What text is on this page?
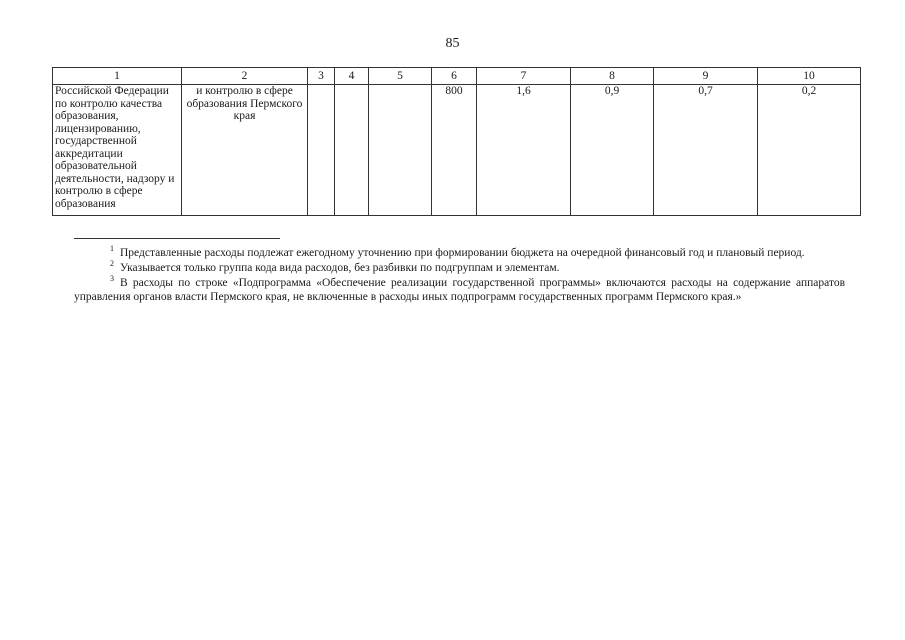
85
1	2	3	4	5	6	7	8	9	10
Российской Федерации по контролю качества образования, лицензированию, государственной аккредитации образовательной деятельности, надзору и контролю в сфере образования	и контролю в сфере образования Пермского края				800	1,6	0,9	0,7	0,2

$^1$ Представленные расходы подлежат ежегодному уточнению при формировании бюджета на очередной финансовый год и плановый период.

$^2$ Указывается только группа кода вида расходов, без разбивки по подгруппам и элементам.

$^3$ В расходы по строке «Подпрограмма «Обеспечение реализации государственной программы» включаются расходы на содержание аппаратов управления органов власти Пермского края, не включенные в расходы иных подпрограмм государственных программ Пермского края.»
